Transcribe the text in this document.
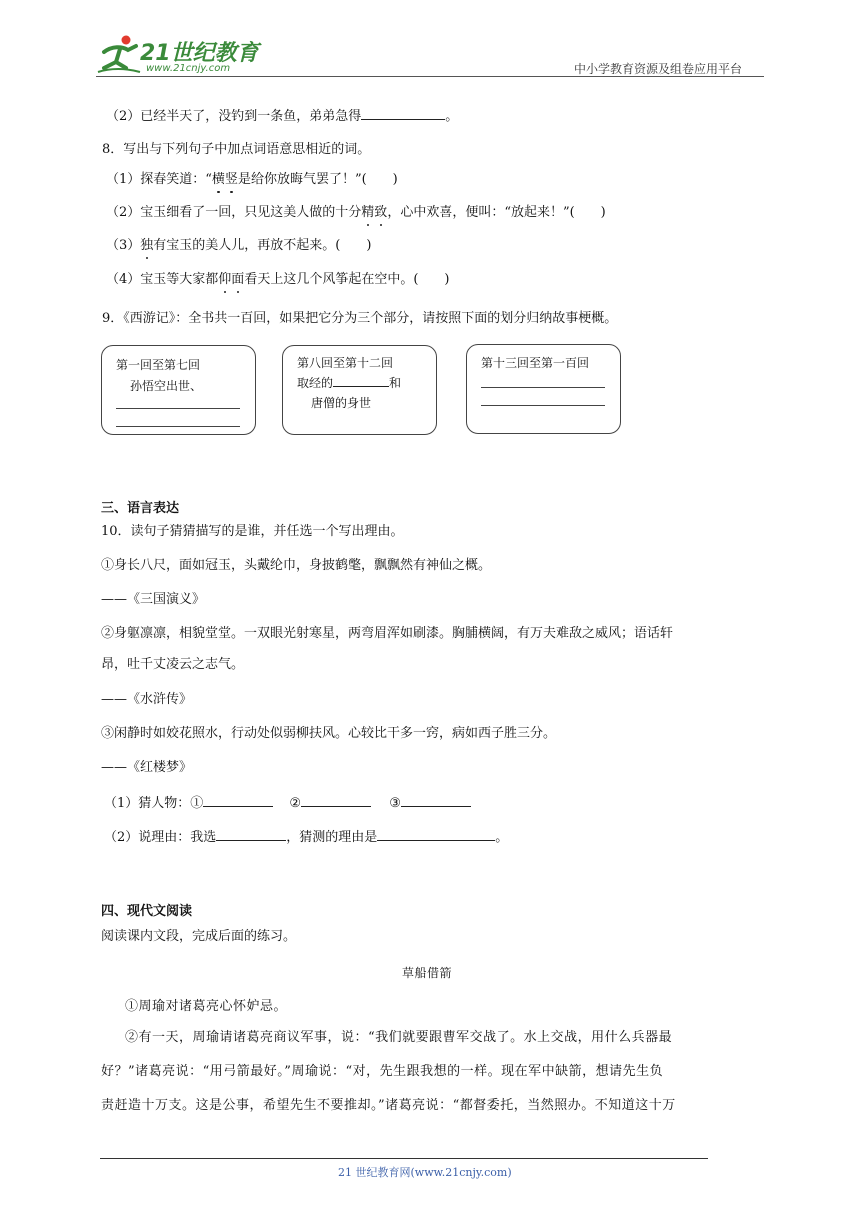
21世纪教育
www.21cnjy.com	中小学教育资源及组卷应用平台
（2）已经半天了，没钓到一条鱼，弟弟急得	。
8．写出与下列句子中加点词语意思相近的词。
（1）探春笑道：“横竖是给你放晦气罢了！”(　　)
（2）宝玉细看了一回，只见这美人做的十分精致，心中欢喜，便叫：“放起来！”(　　)
（3）独有宝玉的美人儿，再放不起来。(　　)
（4）宝玉等大家都仰面看天上这几个风筝起在空中。(　　)
9．《西游记》：全书共一百回，如果把它分为三个部分，请按照下面的划分归纳故事梗概。
第一回至第七回
孙悟空出世、
第八回至第十二回
取经的	和
唐僧的身世
第十三回至第一百回
三、语言表达
10．读句子猜猜描写的是谁，并任选一个写出理由。
①身长八尺，面如冠玉，头戴纶巾，身披鹤氅，飘飘然有神仙之概。
——《三国演义》
②身躯凛凛，相貌堂堂。一双眼光射寒星，两弯眉浑如刷漆。胸脯横阔，有万夫难敌之威风；语话轩
昂，吐千丈凌云之志气。
——《水浒传》
③闲静时如姣花照水，行动处似弱柳扶风。心较比干多一窍，病如西子胜三分。
——《红楼梦》
（1）猜人物：①	②	③
（2）说理由：我选	，猜测的理由是	。
四、现代文阅读
阅读课内文段，完成后面的练习。
草船借箭
①周瑜对诸葛亮心怀妒忌。
②有一天，周瑜请诸葛亮商议军事，说：“我们就要跟曹军交战了。水上交战，用什么兵器最
好？”诸葛亮说：“用弓箭最好。”周瑜说：“对，先生跟我想的一样。现在军中缺箭，想请先生负
责赶造十万支。这是公事，希望先生不要推却。”诸葛亮说：“都督委托，当然照办。不知道这十万
21 世纪教育网(www.21cnjy.com)
